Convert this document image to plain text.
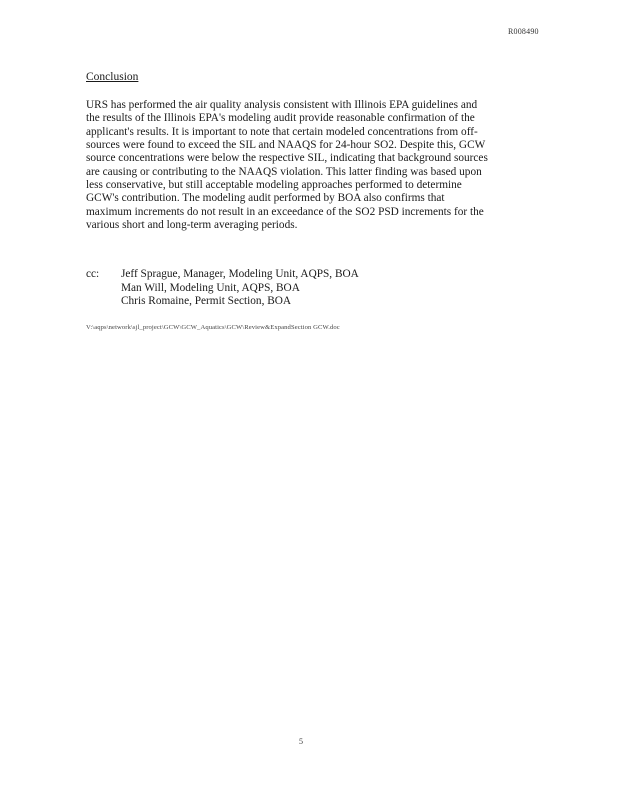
R008490
Conclusion
URS has performed the air quality analysis consistent with Illinois EPA guidelines and
the results of the Illinois EPA's modeling audit provide reasonable confirmation of the
applicant's results. It is important to note that certain modeled concentrations from off-
sources were found to exceed the SIL and NAAQS for 24-hour SO2. Despite this, GCW
source concentrations were below the respective SIL, indicating that background sources
are causing or contributing to the NAAQS violation. This latter finding was based upon
less conservative, but still acceptable modeling approaches performed to determine
GCW's contribution. The modeling audit performed by BOA also confirms that
maximum increments do not result in an exceedance of the SO2 PSD increments for the
various short and long-term averaging periods.
cc:	Jeff Sprague, Manager, Modeling Unit, AQPS, BOA
Man Will, Modeling Unit, AQPS, BOA
Chris Romaine, Permit Section, BOA
V:\aqps\network\sjl_project\GCW\GCW_Aquatics\GCW\Review&ExpandSection GCW.doc
5
